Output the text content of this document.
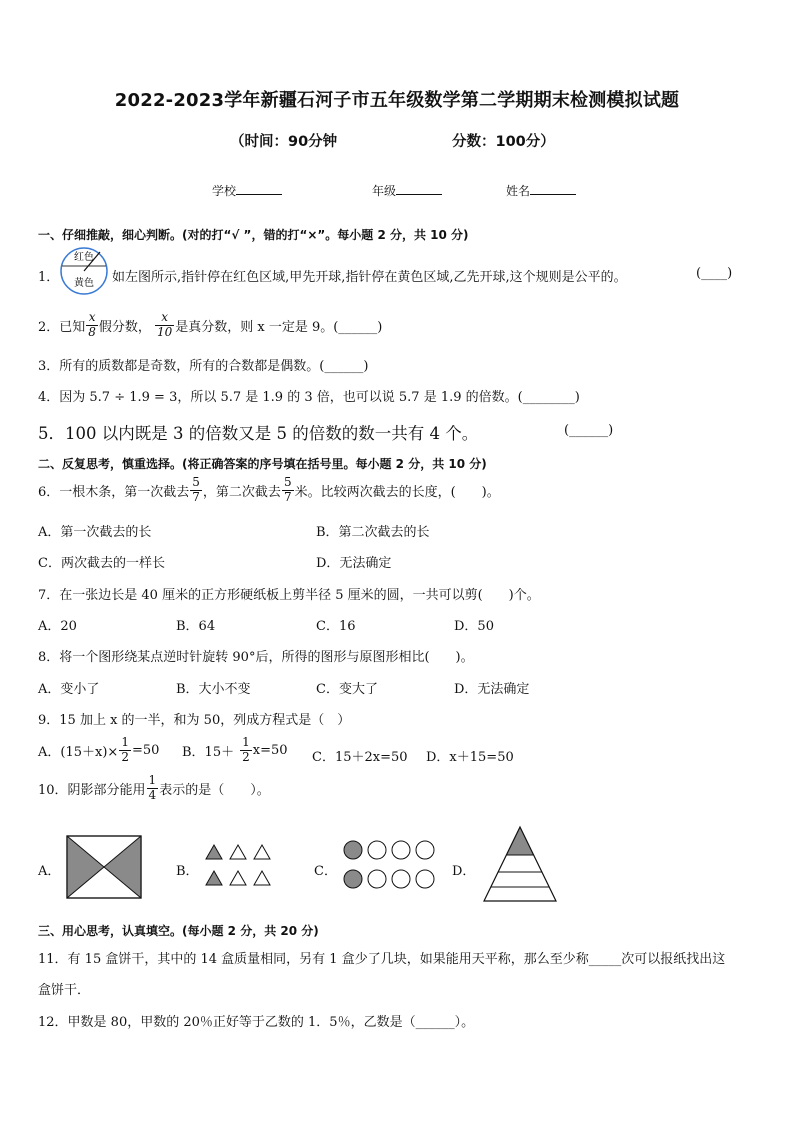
2022-2023学年新疆石河子市五年级数学第二学期期末检测模拟试题
（时间：90分钟	分数：100分）
学校	年级	姓名
一、仔细推敲，细心判断。(对的打“√ ”，错的打“×”。每小题 2 分，共 10 分)
1．
红色
黄色 如左图所示,指针停在红色区域,甲先开球,指针停在黄色区域,乙先开球,这个规则是公平的。	(____)
2．已知 $\frac{x}{8}$ 假分数， $\frac{x}{10}$ 是真分数，则 x 一定是 9。(______)
3．所有的质数都是奇数，所有的合数都是偶数。(______)
4．因为 5.7 ÷ 1.9 = 3，所以 5.7 是 1.9 的 3 倍，也可以说 5.7 是 1.9 的倍数。(________)
5．100 以内既是 3 的倍数又是 5 的倍数的数一共有 4 个。	(______)
二、反复思考，慎重选择。(将正确答案的序号填在括号里。每小题 2 分，共 10 分)
6．一根木条，第一次截去 $\frac{5}{7}$ ，第二次截去 $\frac{5}{7}$ 米。比较两次截去的长度，(　　)。
A．第一次截去的长	B．第二次截去的长
C．两次截去的一样长	D．无法确定
7．在一张边长是 40 厘米的正方形硬纸板上剪半径 5 厘米的圆，一共可以剪(　　)个。
A．20	B．64	C．16	D．50
8．将一个图形绕某点逆时针旋转 90°后，所得的图形与原图形相比(　　)。
A．变小了	B．大小不变	C．变大了	D．无法确定
9．15 加上 x 的一半，和为 50，列成方程式是（　）
A．$(15+x)\times \frac{1}{2} =50$ B．$15+ \frac{1}{2} x=50$ C．15＋2x=50 D．x＋15=50
10．阴影部分能用 $\frac{1}{4}$ 表示的是（　　）。
A．	B．	C．	D．
三、用心思考，认真填空。(每小题 2 分，共 20 分)
11．有 15 盒饼干，其中的 14 盒质量相同，另有 1 盒少了几块，如果能用天平称，那么至少称_____次可以报纸找出这
盒饼干．
12．甲数是 80，甲数的 20％正好等于乙数的 1．5％，乙数是（______）。
